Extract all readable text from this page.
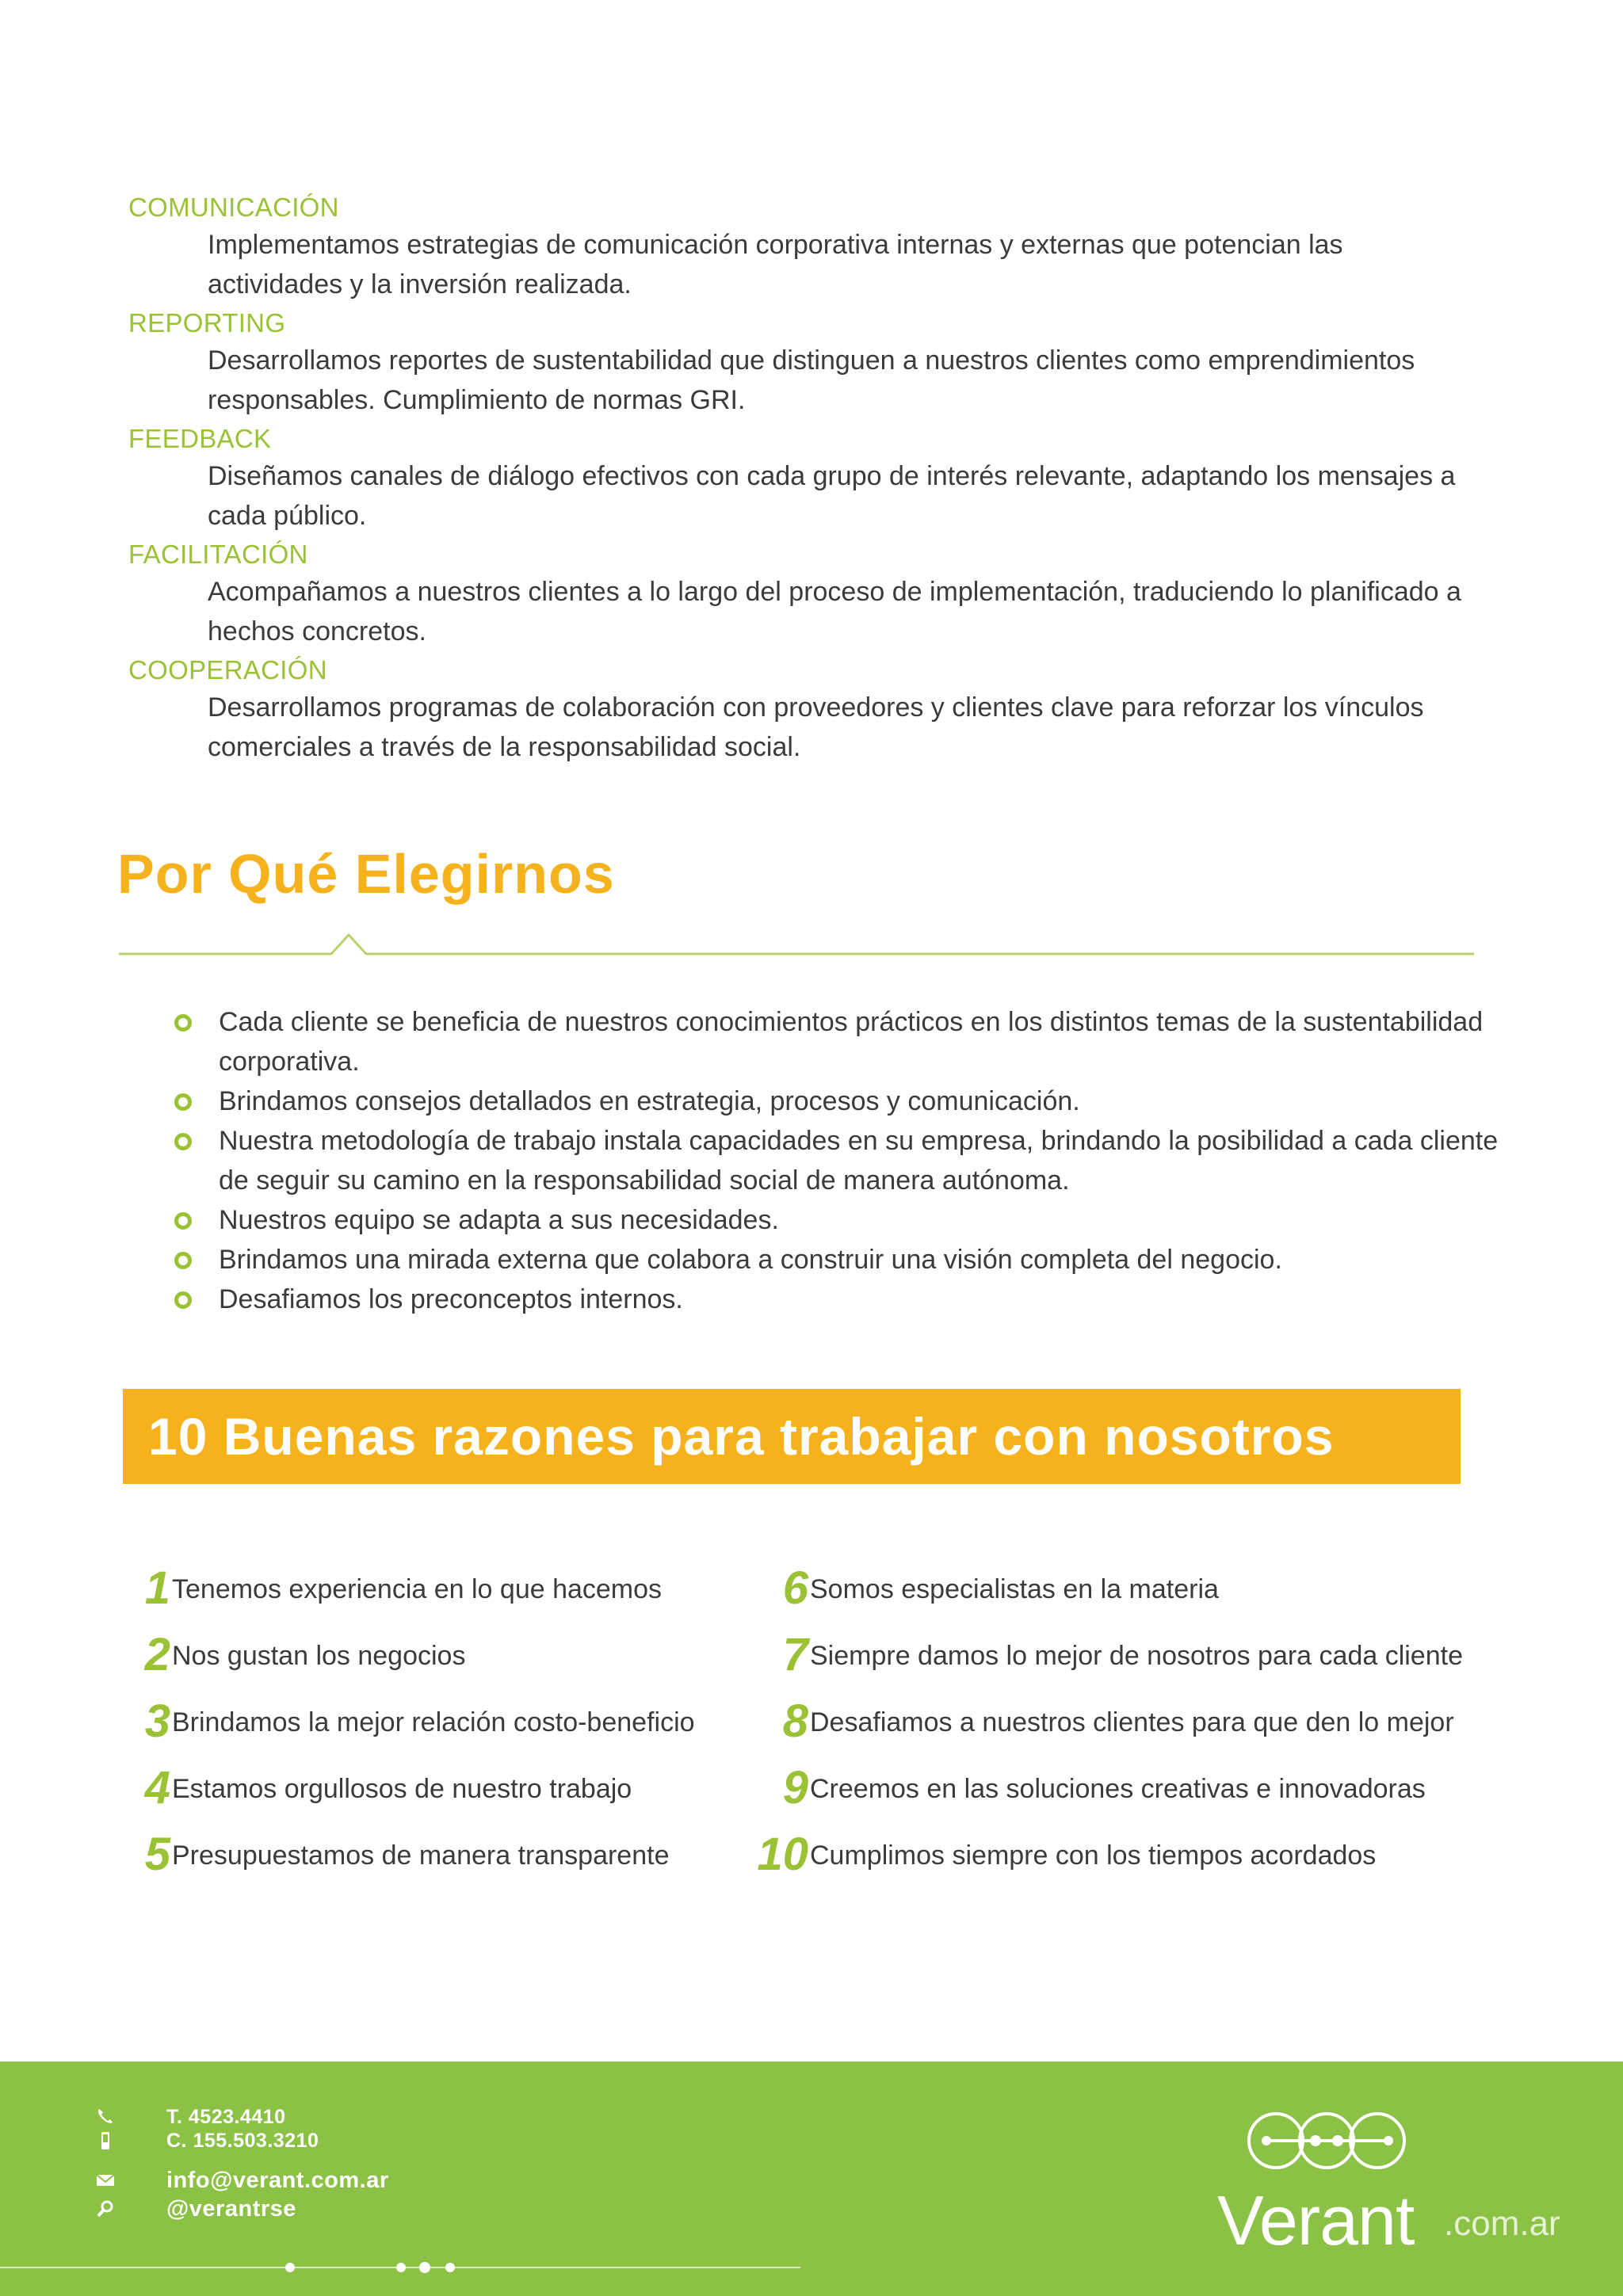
COMUNICACIÓN
Implementamos estrategias de comunicación corporativa internas y externas que potencian las actividades y la inversión realizada.
REPORTING
Desarrollamos reportes de sustentabilidad que distinguen a nuestros clientes como emprendimientos responsables. Cumplimiento de normas GRI.
FEEDBACK
Diseñamos canales de diálogo efectivos con cada grupo de interés relevante, adaptando los mensajes a cada público.
FACILITACIÓN
Acompañamos a nuestros clientes a lo largo del proceso de implementación, traduciendo lo planificado a hechos concretos.
COOPERACIÓN
Desarrollamos programas de colaboración con proveedores y clientes clave para reforzar los vínculos comerciales a través de la responsabilidad social.
Por Qué Elegirnos
Cada cliente se beneficia de nuestros conocimientos prácticos en los distintos temas de la sustentabilidad corporativa.
Brindamos consejos detallados en estrategia, procesos y comunicación.
Nuestra metodología de trabajo instala capacidades en su empresa, brindando la posibilidad a cada cliente de seguir su camino en la responsabilidad social de manera autónoma.
Nuestros equipo se adapta a sus necesidades.
Brindamos una mirada externa que colabora a construir una visión completa del negocio.
Desafiamos los preconceptos internos.
10 Buenas razones para trabajar con nosotros
1 Tenemos experiencia en lo que hacemos
2 Nos gustan los negocios
3 Brindamos la mejor relación costo-beneficio
4 Estamos orgullosos de nuestro trabajo
5 Presupuestamos de manera transparente
6 Somos especialistas en la materia
7 Siempre damos lo mejor de nosotros para cada cliente
8 Desafiamos a nuestros clientes para que den lo mejor
9 Creemos en las soluciones creativas e innovadoras
10 Cumplimos siempre con los tiempos acordados
T. 4523.4410
C. 155.503.3210
info@verant.com.ar
@verantrse	Verant .com.ar
